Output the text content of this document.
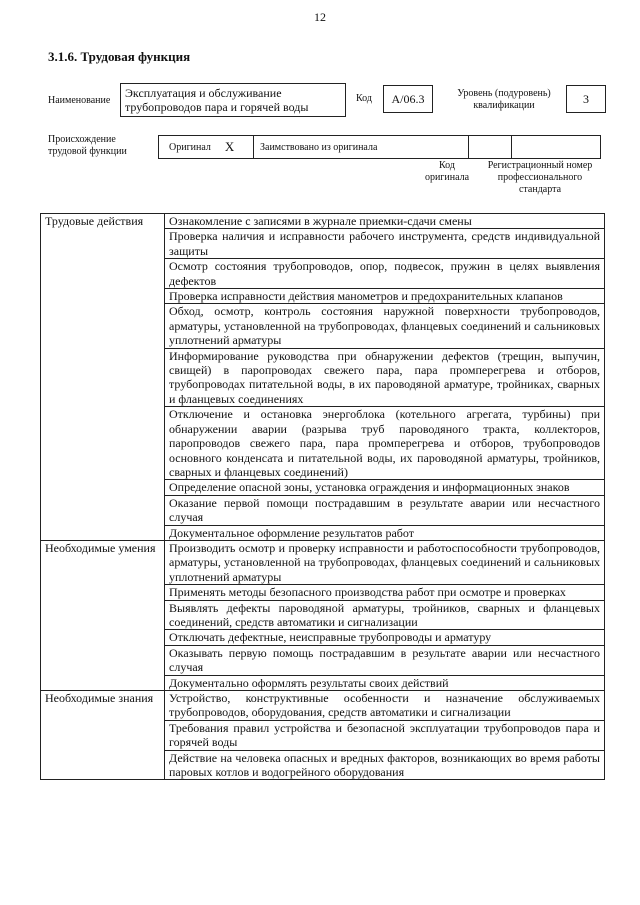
12
3.1.6. Трудовая функция
Наименование
Эксплуатация и обслуживание трубопроводов пара и горячей воды
Код	А/06.3	Уровень (подуровень) квалификации	3
Происхождение трудовой функции	Оригинал X	Заимствовано из оригинала
Код оригинала
Регистрационный номер профессионального стандарта
Трудовые действия	Ознакомление с записями в журнале приемки-сдачи смены
	Проверка наличия и исправности рабочего инструмента, средств индивидуальной защиты
	Осмотр состояния трубопроводов, опор, подвесок, пружин в целях выявления дефектов
	Проверка исправности действия манометров и предохранительных клапанов
	Обход, осмотр, контроль состояния наружной поверхности трубопроводов, арматуры, установленной на трубопроводах, фланцевых соединений и сальниковых уплотнений арматуры
	Информирование руководства при обнаружении дефектов (трещин, выпучин, свищей) в паропроводах свежего пара, пара промперегрева и отборов, трубопроводах питательной воды, в их пароводяной арматуре, тройниках, сварных и фланцевых соединениях
	Отключение и остановка энергоблока (котельного агрегата, турбины) при обнаружении аварии (разрыва труб пароводяного тракта, коллекторов, паропроводов свежего пара, пара промперегрева и отборов, трубопроводов основного конденсата и питательной воды, их пароводяной арматуры, тройников, сварных и фланцевых соединений)
	Определение опасной зоны, установка ограждения и информационных знаков
	Оказание первой помощи пострадавшим в результате аварии или несчастного случая
	Документальное оформление результатов работ
Необходимые умения	Производить осмотр и проверку исправности и работоспособности трубопроводов, арматуры, установленной на трубопроводах, фланцевых соединений и сальниковых уплотнений арматуры
	Применять методы безопасного производства работ при осмотре и проверках
	Выявлять дефекты пароводяной арматуры, тройников, сварных и фланцевых соединений, средств автоматики и сигнализации
	Отключать дефектные, неисправные трубопроводы и арматуру
	Оказывать первую помощь пострадавшим в результате аварии или несчастного случая
	Документально оформлять результаты своих действий
Необходимые знания	Устройство, конструктивные особенности и назначение обслуживаемых трубопроводов, оборудования, средств автоматики и сигнализации
	Требования правил устройства и безопасной эксплуатации трубопроводов пара и горячей воды
	Действие на человека опасных и вредных факторов, возникающих во время работы паровых котлов и водогрейного оборудования
